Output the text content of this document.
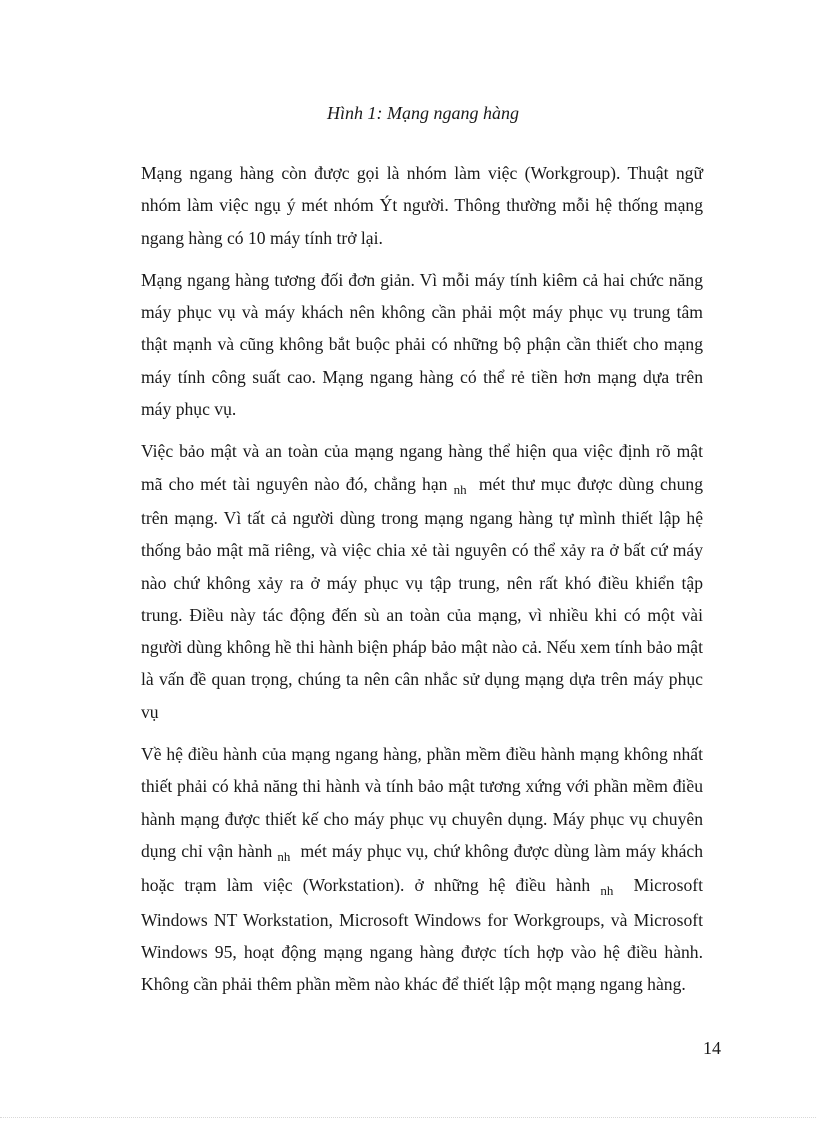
Hình 1: Mạng ngang hàng

Mạng ngang hàng còn được gọi là nhóm làm việc (Workgroup). Thuật ngữ nhóm làm việc ngụ ý mét nhóm Ýt người. Thông thường mỗi hệ thống mạng ngang hàng có 10 máy tính trở lại.

Mạng ngang hàng tương đối đơn giản. Vì mỗi máy tính kiêm cả hai chức năng máy phục vụ và máy khách nên không cần phải một máy phục vụ trung tâm thật mạnh và cũng không bắt buộc phải có những bộ phận cần thiết cho mạng máy tính công suất cao. Mạng ngang hàng có thể rẻ tiền hơn mạng dựa trên máy phục vụ.

Việc bảo mật và an toàn của mạng ngang hàng thể hiện qua việc định rõ mật mã cho mét tài nguyên nào đó, chẳng hạn nh mét thư mục được dùng chung trên mạng. Vì tất cả người dùng trong mạng ngang hàng tự mình thiết lập hệ thống bảo mật mã riêng, và việc chia xẻ tài nguyên có thể xảy ra ở bất cứ máy nào chứ không xảy ra ở máy phục vụ tập trung, nên rất khó điều khiển tập trung. Điều này tác động đến sù an toàn của mạng, vì nhiều khi có một vài người dùng không hề thi hành biện pháp bảo mật nào cả. Nếu xem tính bảo mật là vấn đề quan trọng, chúng ta nên cân nhắc sử dụng mạng dựa trên máy phục vụ

Về hệ điều hành của mạng ngang hàng, phần mềm điều hành mạng không nhất thiết phải có khả năng thi hành và tính bảo mật tương xứng với phần mềm điều hành mạng được thiết kế cho máy phục vụ chuyên dụng. Máy phục vụ chuyên dụng chỉ vận hành nh mét máy phục vụ, chứ không được dùng làm máy khách hoặc trạm làm việc (Workstation). ở những hệ điều hành nh Microsoft Windows NT Workstation, Microsoft Windows for Workgroups, và Microsoft Windows 95, hoạt động mạng ngang hàng được tích hợp vào hệ điều hành. Không cần phải thêm phần mềm nào khác để thiết lập một mạng ngang hàng.

14
